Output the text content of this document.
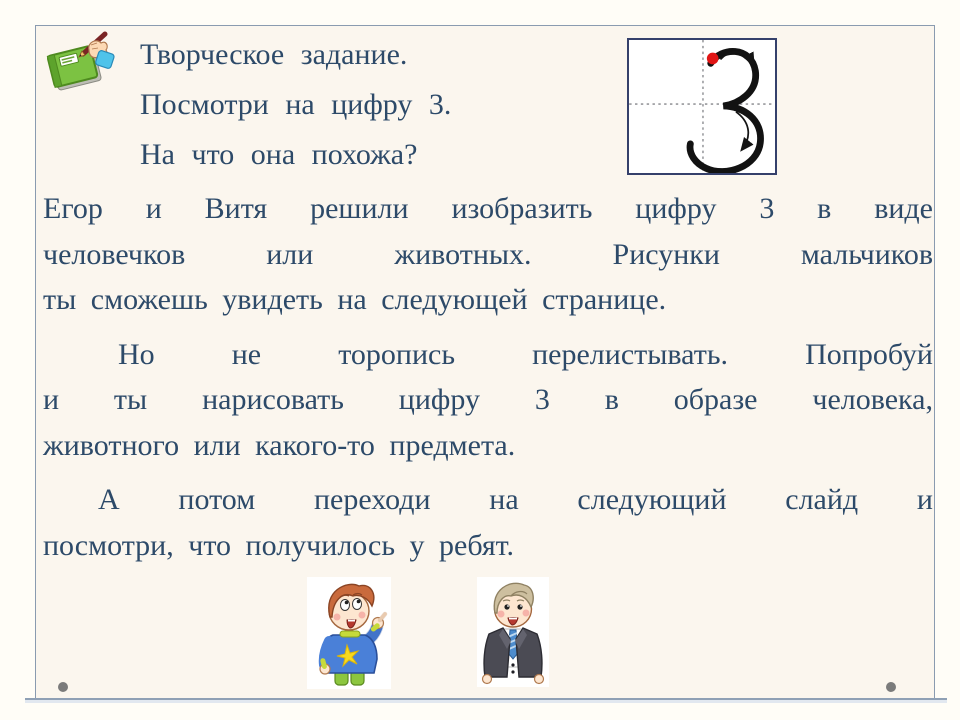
Творческое задание.
Посмотри на цифру 3.
На что она похожа?
Егор и Витя решили изобразить цифру 3 в виде
человечков или животных. Рисунки мальчиков
ты сможешь увидеть на следующей странице.
Но не торопись перелистывать. Попробуй
и ты нарисовать цифру 3 в образе человека,
животного или какого-то предмета.
А потом переходи на следующий слайд и
посмотри, что получилось у ребят.
